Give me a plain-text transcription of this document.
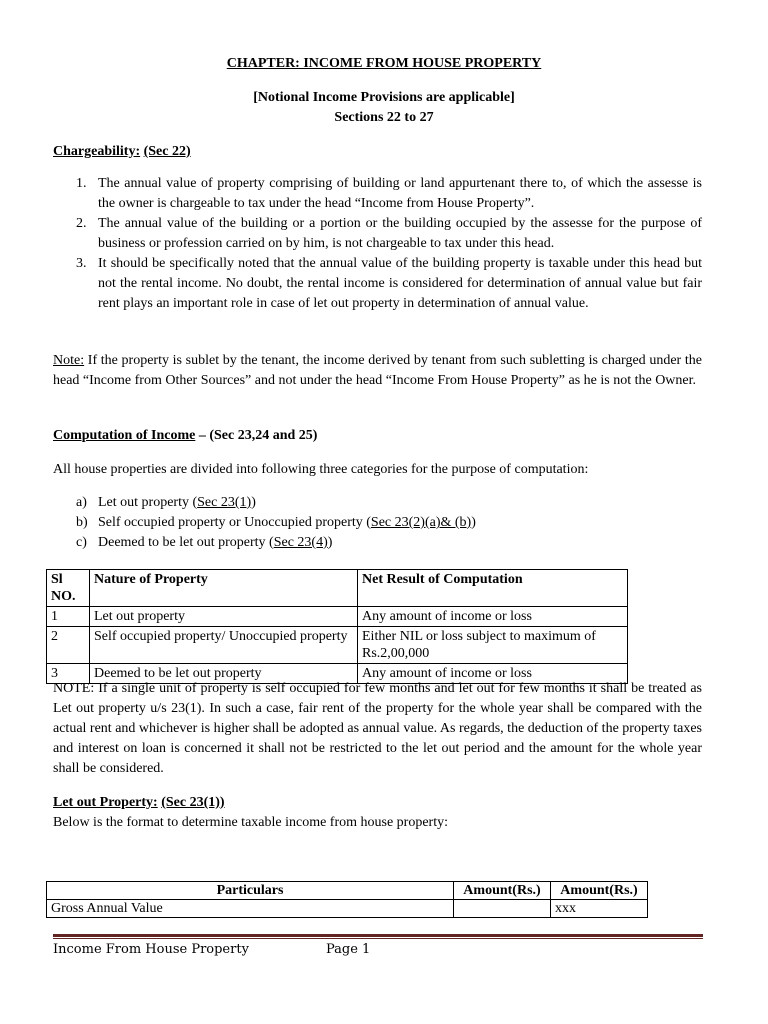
CHAPTER: INCOME FROM HOUSE PROPERTY
[Notional Income Provisions are applicable]
Sections 22 to 27
Chargeability: (Sec 22)
1. The annual value of property comprising of building or land appurtenant there to, of which the assesse is the owner is chargeable to tax under the head “Income from House Property”.
2. The annual value of the building or a portion or the building occupied by the assesse for the purpose of business or profession carried on by him, is not chargeable to tax under this head.
3. It should be specifically noted that the annual value of the building property is taxable under this head but not the rental income. No doubt, the rental income is considered for determination of annual value but fair rent plays an important role in case of let out property in determination of annual value.
Note: If the property is sublet by the tenant, the income derived by tenant from such subletting is charged under the head “Income from Other Sources” and not under the head “Income From House Property” as he is not the Owner.
Computation of Income – (Sec 23,24 and 25)
All house properties are divided into following three categories for the purpose of computation:
a) Let out property (Sec 23(1))
b) Self occupied property or Unoccupied property (Sec 23(2)(a)& (b))
c) Deemed to be let out property (Sec 23(4))
Sl NO.	Nature of Property	Net Result of Computation
1	Let out property	Any amount of income or loss
2	Self occupied property/ Unoccupied property	Either NIL or loss subject to maximum of Rs.2,00,000
3	Deemed to be let out property	Any amount of income or loss
NOTE: If a single unit of property is self occupied for few months and let out for few months it shall be treated as Let out property u/s 23(1). In such a case, fair rent of the property for the whole year shall be compared with the actual rent and whichever is higher shall be adopted as annual value. As regards, the deduction of the property taxes and interest on loan is concerned it shall not be restricted to the let out period and the amount for the whole year shall be considered.
Let out Property: (Sec 23(1))
Below is the format to determine taxable income from house property:
Particulars	Amount(Rs.)	Amount(Rs.)
Gross Annual Value		xxx
Income From House Property	Page 1
